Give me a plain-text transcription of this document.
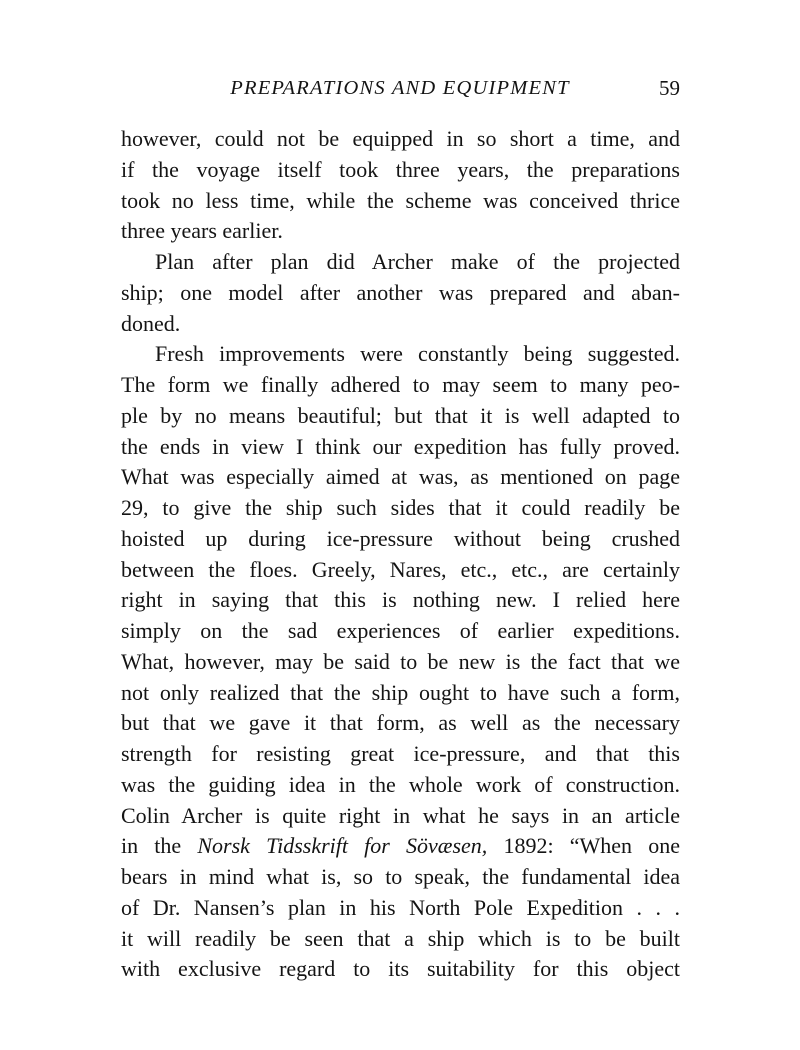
PREPARATIONS AND EQUIPMENT	59
however, could not be equipped in so short a time, and
if the voyage itself took three years, the preparations
took no less time, while the scheme was conceived thrice
three years earlier.
Plan after plan did Archer make of the projected
ship; one model after another was prepared and aban-
doned.
Fresh improvements were constantly being suggested.
The form we finally adhered to may seem to many peo-
ple by no means beautiful; but that it is well adapted to
the ends in view I think our expedition has fully proved.
What was especially aimed at was, as mentioned on page
29, to give the ship such sides that it could readily be
hoisted up during ice-pressure without being crushed
between the floes. Greely, Nares, etc., etc., are certainly
right in saying that this is nothing new. I relied here
simply on the sad experiences of earlier expeditions.
What, however, may be said to be new is the fact that we
not only realized that the ship ought to have such a form,
but that we gave it that form, as well as the necessary
strength for resisting great ice-pressure, and that this
was the guiding idea in the whole work of construction.
Colin Archer is quite right in what he says in an article
in the Norsk Tidsskrift for Sövæsen, 1892: “When one
bears in mind what is, so to speak, the fundamental idea
of Dr. Nansen’s plan in his North Pole Expedition . . .
it will readily be seen that a ship which is to be built
with exclusive regard to its suitability for this object
